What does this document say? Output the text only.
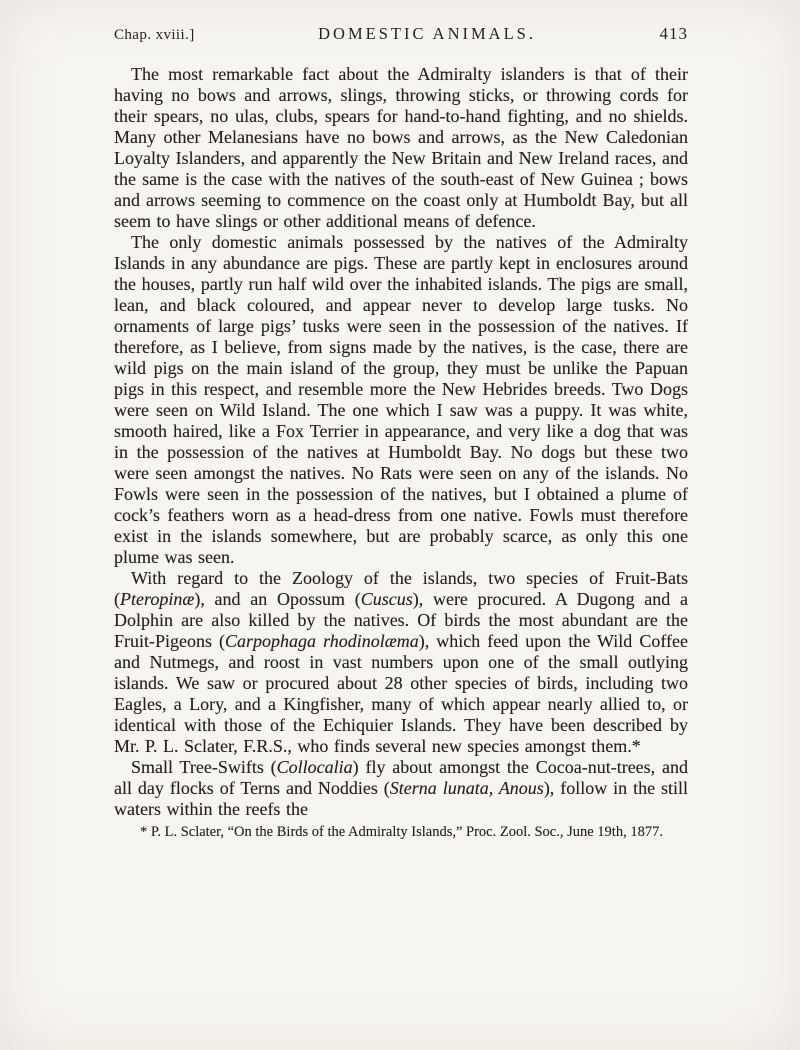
Chap. xviii.]	DOMESTIC ANIMALS.	413

The most remarkable fact about the Admiralty islanders is that of their having no bows and arrows, slings, throwing sticks, or throwing cords for their spears, no ulas, clubs, spears for hand-to-hand fighting, and no shields. Many other Melanesians have no bows and arrows, as the New Caledonian Loyalty Islanders, and apparently the New Britain and New Ireland races, and the same is the case with the natives of the south-east of New Guinea ; bows and arrows seeming to commence on the coast only at Humboldt Bay, but all seem to have slings or other additional means of defence.

The only domestic animals possessed by the natives of the Admiralty Islands in any abundance are pigs. These are partly kept in enclosures around the houses, partly run half wild over the inhabited islands. The pigs are small, lean, and black coloured, and appear never to develop large tusks. No ornaments of large pigs’ tusks were seen in the possession of the natives. If therefore, as I believe, from signs made by the natives, is the case, there are wild pigs on the main island of the group, they must be unlike the Papuan pigs in this respect, and resemble more the New Hebrides breeds. Two Dogs were seen on Wild Island. The one which I saw was a puppy. It was white, smooth haired, like a Fox Terrier in appearance, and very like a dog that was in the possession of the natives at Humboldt Bay. No dogs but these two were seen amongst the natives. No Rats were seen on any of the islands. No Fowls were seen in the possession of the natives, but I obtained a plume of cock’s feathers worn as a head-dress from one native. Fowls must therefore exist in the islands somewhere, but are probably scarce, as only this one plume was seen.

With regard to the Zoology of the islands, two species of Fruit-Bats (Pteropinæ), and an Opossum (Cuscus), were procured. A Dugong and a Dolphin are also killed by the natives. Of birds the most abundant are the Fruit-Pigeons (Carpophaga rhodinolæma), which feed upon the Wild Coffee and Nutmegs, and roost in vast numbers upon one of the small outlying islands. We saw or procured about 28 other species of birds, including two Eagles, a Lory, and a Kingfisher, many of which appear nearly allied to, or identical with those of the Echiquier Islands. They have been described by Mr. P. L. Sclater, F.R.S., who finds several new species amongst them.*

Small Tree-Swifts (Collocalia) fly about amongst the Cocoa-nut-trees, and all day flocks of Terns and Noddies (Sterna lunata, Anous), follow in the still waters within the reefs the

* P. L. Sclater, “On the Birds of the Admiralty Islands,” Proc. Zool. Soc., June 19th, 1877.
